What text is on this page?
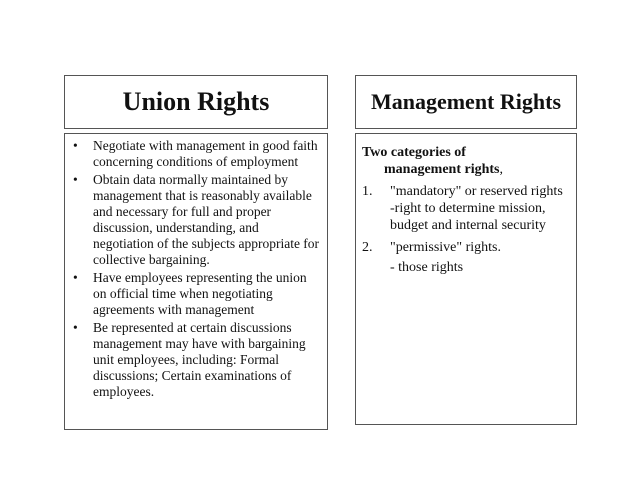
Union Rights	Management Rights
• Negotiate with management in good faith concerning conditions of employment
• Obtain data normally maintained by management that is reasonably available and necessary for full and proper discussion, understanding, and negotiation of the subjects appropriate for collective bargaining.
• Have employees representing the union on official time when negotiating agreements with management
• Be represented at certain discussions management may have with bargaining unit employees, including: Formal discussions; Certain examinations of employees.
Two categories of
management rights,
1.	"mandatory" or reserved rights
-right to determine mission, budget and internal security
2.	"permissive" rights.
- those rights
